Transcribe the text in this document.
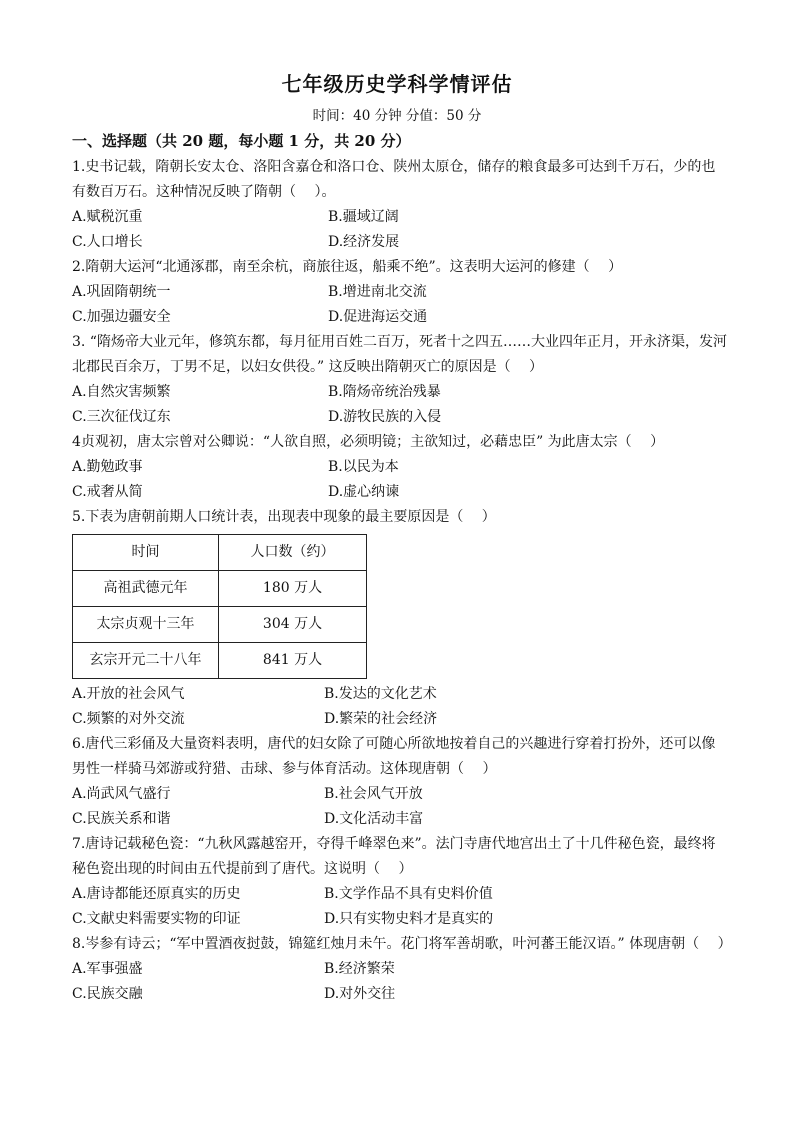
七年级历史学科学情评估
时间：40 分钟 分值：50 分
一、选择题（共 20 题，每小题 1 分，共 20 分）

1.史书记载，隋朝长安太仓、洛阳含嘉仓和洛口仓、陕州太原仓，储存的粮食最多可达到千万石，少的也有数百万石。这种情况反映了隋朝（　 ）。

A.赋税沉重	B.疆域辽阔

C.人口增长	D.经济发展

2.隋朝大运河“北通涿郡，南至余杭，商旅往返，船乘不绝”。这表明大运河的修建（　 ）

A.巩固隋朝统一	B.增进南北交流

C.加强边疆安全	D.促进海运交通

3. “隋炀帝大业元年，修筑东都，每月征用百姓二百万，死者十之四五……大业四年正月，开永济渠，发河北郡民百余万，丁男不足，以妇女供役。” 这反映出隋朝灭亡的原因是（　 ）

A.自然灾害频繁	B.隋炀帝统治残暴

C.三次征伐辽东	D.游牧民族的入侵

4贞观初，唐太宗曾对公卿说：“人欲自照，必须明镜；主欲知过，必藉忠臣” 为此唐太宗（　 ）

A.勤勉政事	B.以民为本

C.戒奢从简	D.虚心纳谏

5.下表为唐朝前期人口统计表，出现表中现象的最主要原因是（　 ）

时间	人口数（约）
高祖武德元年	180 万人
太宗贞观十三年	304 万人
玄宗开元二十八年	841 万人

A.开放的社会风气	B.发达的文化艺术

C.频繁的对外交流	D.繁荣的社会经济

6.唐代三彩俑及大量资料表明，唐代的妇女除了可随心所欲地按着自己的兴趣进行穿着打扮外，还可以像男性一样骑马郊游或狩猎、击球、参与体育活动。这体现唐朝（　 ）

A.尚武风气盛行	B.社会风气开放

C.民族关系和谐	D.文化活动丰富

7.唐诗记载秘色瓷：“九秋风露越窑开，夺得千峰翠色来”。法门寺唐代地宫出土了十几件秘色瓷，最终将秘色瓷出现的时间由五代提前到了唐代。这说明（　 ）

A.唐诗都能还原真实的历史	B.文学作品不具有史料价值

C.文献史料需要实物的印证	D.只有实物史料才是真实的

8.岑参有诗云；“军中置酒夜挝鼓，锦筵红烛月未午。花门将军善胡歌，叶河蕃王能汉语。” 体现唐朝（　 ）

A.军事强盛	B.经济繁荣

C.民族交融	D.对外交往
